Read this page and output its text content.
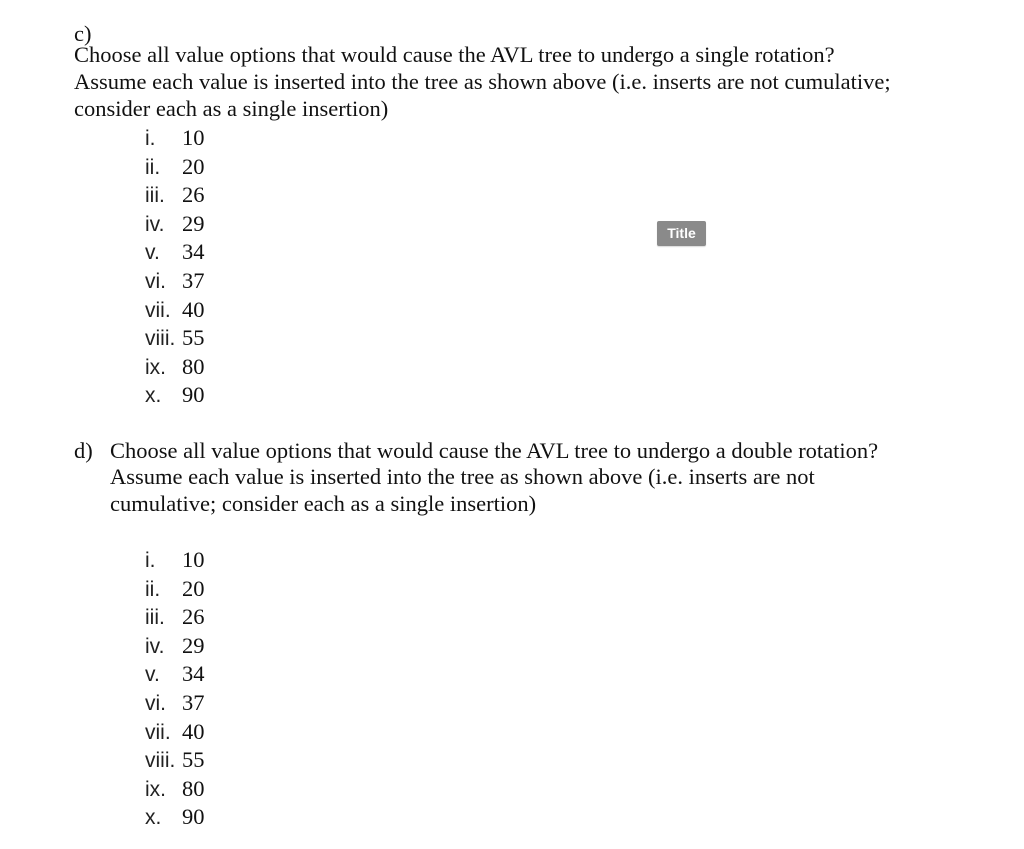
c)

Choose all value options that would cause the AVL tree to undergo a single rotation?

Assume each value is inserted into the tree as shown above (i.e. inserts are not cumulative;

consider each as a single insertion)

i. 10
ii. 20
iii. 26
iv. 29
v. 34
vi. 37
vii. 40
viii. 55
ix. 80
x. 90
Title

d) Choose all value options that would cause the AVL tree to undergo a double rotation?

Assume each value is inserted into the tree as shown above (i.e. inserts are not

cumulative; consider each as a single insertion)

i. 10
ii. 20
iii. 26
iv. 29
v. 34
vi. 37
vii. 40
viii. 55
ix. 80
x. 90
